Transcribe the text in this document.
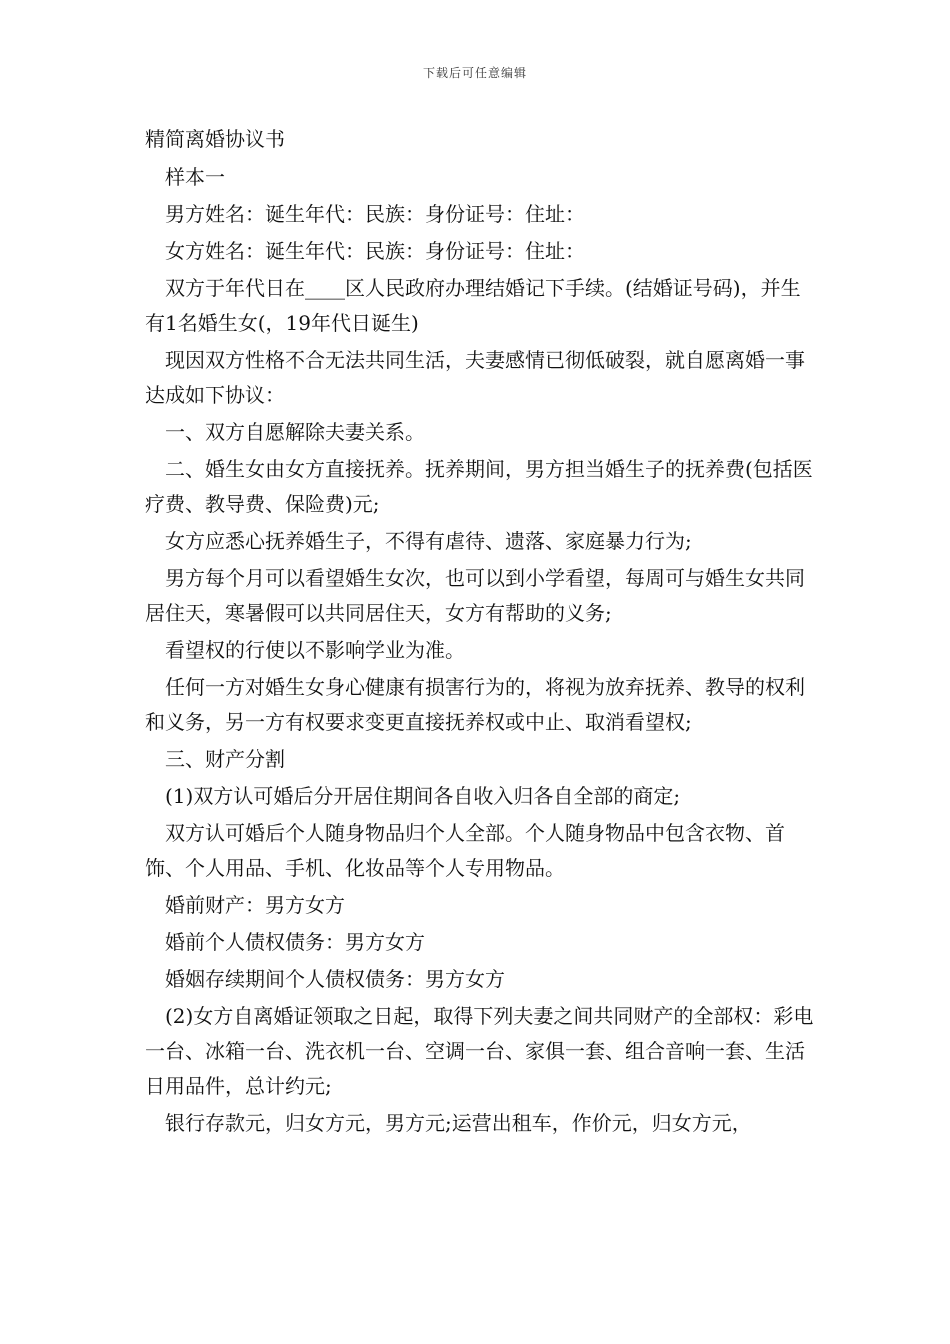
下载后可任意编辑

精简离婚协议书

样本一

男方姓名：诞生年代：民族：身份证号：住址：

女方姓名：诞生年代：民族：身份证号：住址：

双方于年代日在____区人民政府办理结婚记下手续。(结婚证号码)，并生有1名婚生女(，19年代日诞生)

现因双方性格不合无法共同生活，夫妻感情已彻低破裂，就自愿离婚一事达成如下协议：

一、双方自愿解除夫妻关系。

二、婚生女由女方直接抚养。抚养期间，男方担当婚生子的抚养费(包括医疗费、教导费、保险费)元;

女方应悉心抚养婚生子，不得有虐待、遗落、家庭暴力行为;

男方每个月可以看望婚生女次，也可以到小学看望，每周可与婚生女共同居住天，寒暑假可以共同居住天，女方有帮助的义务;

看望权的行使以不影响学业为准。

任何一方对婚生女身心健康有损害行为的，将视为放弃抚养、教导的权利和义务，另一方有权要求变更直接抚养权或中止、取消看望权;

三、财产分割

(1)双方认可婚后分开居住期间各自收入归各自全部的商定;

双方认可婚后个人随身物品归个人全部。个人随身物品中包含衣物、首饰、个人用品、手机、化妆品等个人专用物品。

婚前财产：男方女方

婚前个人债权债务：男方女方

婚姻存续期间个人债权债务：男方女方

(2)女方自离婚证领取之日起，取得下列夫妻之间共同财产的全部权：彩电一台、冰箱一台、洗衣机一台、空调一台、家俱一套、组合音响一套、生活日用品件，总计约元;

银行存款元，归女方元，男方元;运营出租车，作价元，归女方元，
